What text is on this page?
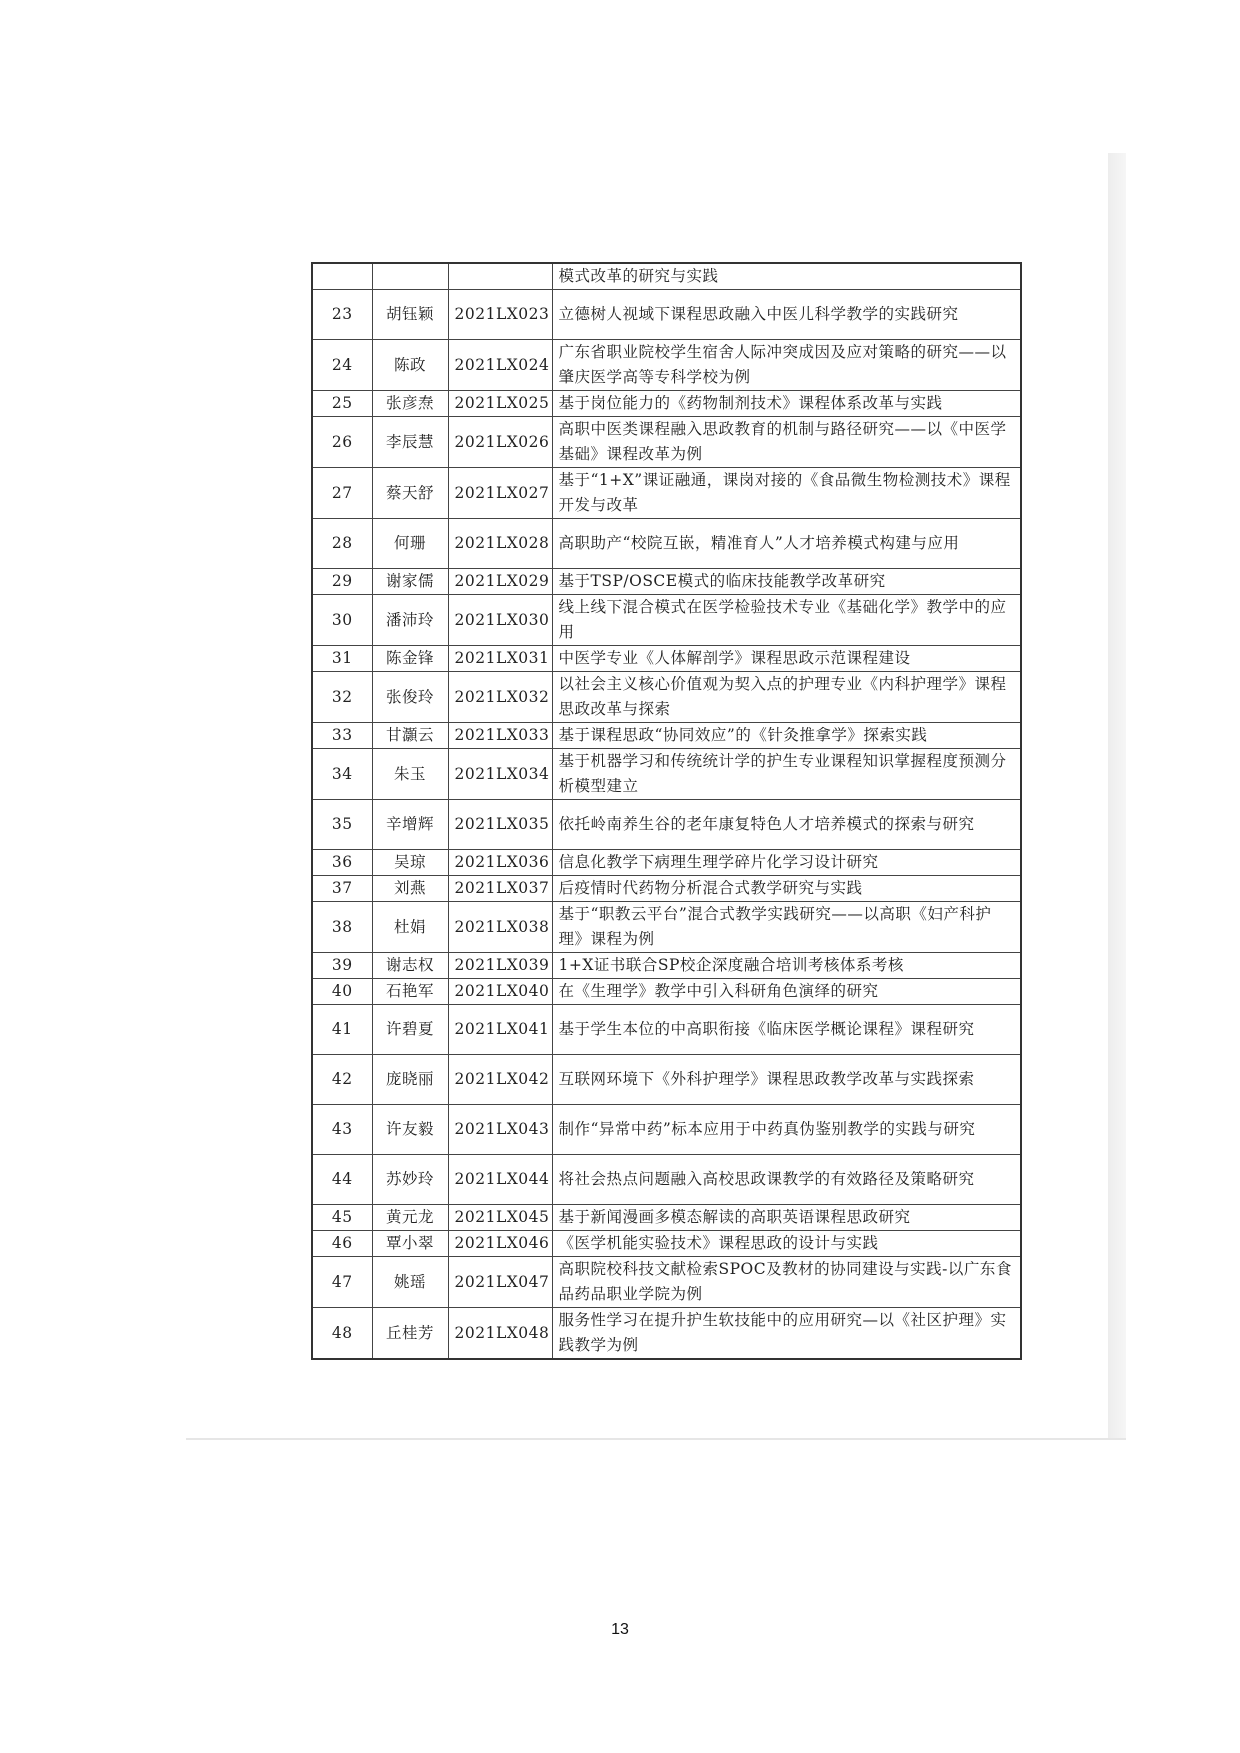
			模式改革的研究与实践
23	胡钰颖	2021LX023	立德树人视域下课程思政融入中医儿科学教学的实践研究
24	陈政	2021LX024	广东省职业院校学生宿舍人际冲突成因及应对策略的研究——以肇庆医学高等专科学校为例
25	张彦焘	2021LX025	基于岗位能力的《药物制剂技术》课程体系改革与实践
26	李辰慧	2021LX026	高职中医类课程融入思政教育的机制与路径研究——以《中医学基础》课程改革为例
27	蔡天舒	2021LX027	基于“1+X”课证融通，课岗对接的《食品微生物检测技术》课程开发与改革
28	何珊	2021LX028	高职助产“校院互嵌，精准育人”人才培养模式构建与应用
29	谢家儒	2021LX029	基于TSP/OSCE模式的临床技能教学改革研究
30	潘沛玲	2021LX030	线上线下混合模式在医学检验技术专业《基础化学》教学中的应用
31	陈金锋	2021LX031	中医学专业《人体解剖学》课程思政示范课程建设
32	张俊玲	2021LX032	以社会主义核心价值观为契入点的护理专业《内科护理学》课程思政改革与探索
33	甘灝云	2021LX033	基于课程思政“协同效应”的《针灸推拿学》探索实践
34	朱玉	2021LX034	基于机器学习和传统统计学的护生专业课程知识掌握程度预测分析模型建立
35	辛增辉	2021LX035	依托岭南养生谷的老年康复特色人才培养模式的探索与研究
36	吴琼	2021LX036	信息化教学下病理生理学碎片化学习设计研究
37	刘燕	2021LX037	后疫情时代药物分析混合式教学研究与实践
38	杜娟	2021LX038	基于“职教云平台”混合式教学实践研究——以高职《妇产科护理》课程为例
39	谢志权	2021LX039	1+X证书联合SP校企深度融合培训考核体系考核
40	石艳军	2021LX040	在《生理学》教学中引入科研角色演绎的研究
41	许碧夏	2021LX041	基于学生本位的中高职衔接《临床医学概论课程》课程研究
42	庞晓丽	2021LX042	互联网环境下《外科护理学》课程思政教学改革与实践探索
43	许友毅	2021LX043	制作“异常中药”标本应用于中药真伪鉴别教学的实践与研究
44	苏妙玲	2021LX044	将社会热点问题融入高校思政课教学的有效路径及策略研究
45	黄元龙	2021LX045	基于新闻漫画多模态解读的高职英语课程思政研究
46	覃小翠	2021LX046	《医学机能实验技术》课程思政的设计与实践
47	姚瑶	2021LX047	高职院校科技文献检索SPOC及教材的协同建设与实践-以广东食品药品职业学院为例
48	丘桂芳	2021LX048	服务性学习在提升护生软技能中的应用研究—以《社区护理》实践教学为例
13
